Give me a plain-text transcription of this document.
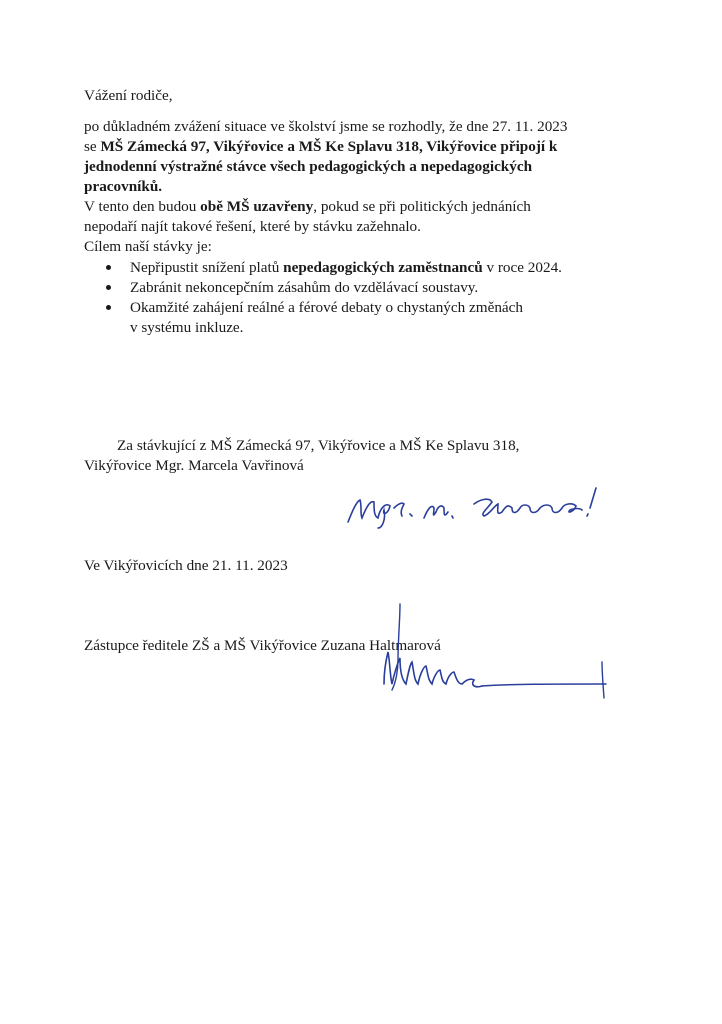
Vážení rodiče,
po důkladném zvážení situace ve školství jsme se rozhodly, že dne 27. 11. 2023
se MŠ Zámecká 97, Vikýřovice a MŠ Ke Splavu 318, Vikýřovice připojí k
jednodenní výstražné stávce všech pedagogických a nepedagogických
pracovníků.
V tento den budou obě MŠ uzavřeny, pokud se při politických jednáních
nepodaří najít takové řešení, které by stávku zažehnalo.
Cílem naší stávky je:
Nepřipustit snížení platů nepedagogických zaměstnanců v roce 2024.
Zabránit nekoncepčním zásahům do vzdělávací soustavy.
Okamžité zahájení reálné a férové debaty o chystaných změnách
v systému inkluze.
Za stávkující z MŠ Zámecká 97, Vikýřovice a MŠ Ke Splavu 318,
Vikýřovice Mgr. Marcela Vavřinová
Ve Vikýřovicích dne 21. 11. 2023
Zástupce ředitele ZŠ a MŠ Vikýřovice Zuzana Haltmarová
